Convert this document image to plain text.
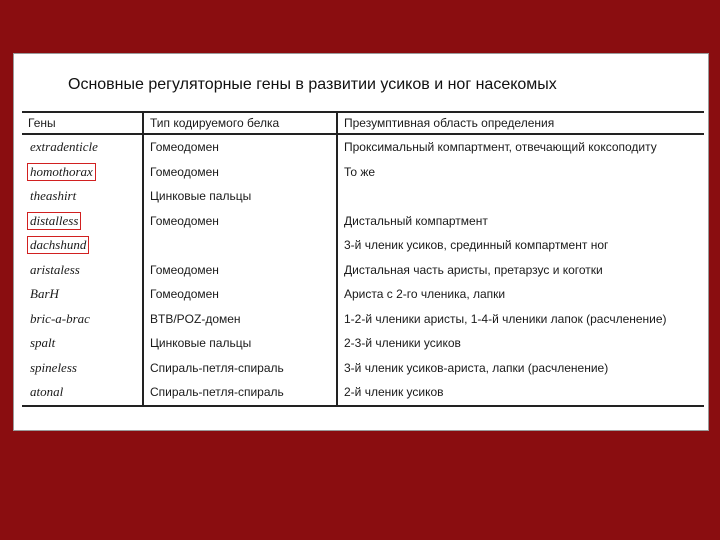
Основные регуляторные гены в развитии усиков и ног насекомых
Гены	Тип кодируемого белка	Презумптивная область определения
extradenticle	Гомеодомен	Проксимальный компартмент, отвечающий коксоподиту
homothorax	Гомеодомен	То же
theashirt	Цинковые пальцы	
distalless	Гомеодомен	Дистальный компартмент
dachshund		3-й членик усиков, срединный компартмент ног
aristaless	Гомеодомен	Дистальная часть аристы, претарзус и коготки
BarH	Гомеодомен	Ариста с 2-го членика, лапки
bric-a-brac	BTB/POZ-домен	1-2-й членики аристы, 1-4-й членики лапок (расчленение)
spalt	Цинковые пальцы	2-3-й членики усиков
spineless	Спираль-петля-спираль	3-й членик усиков-ариста, лапки (расчленение)
atonal	Спираль-петля-спираль	2-й членик усиков
